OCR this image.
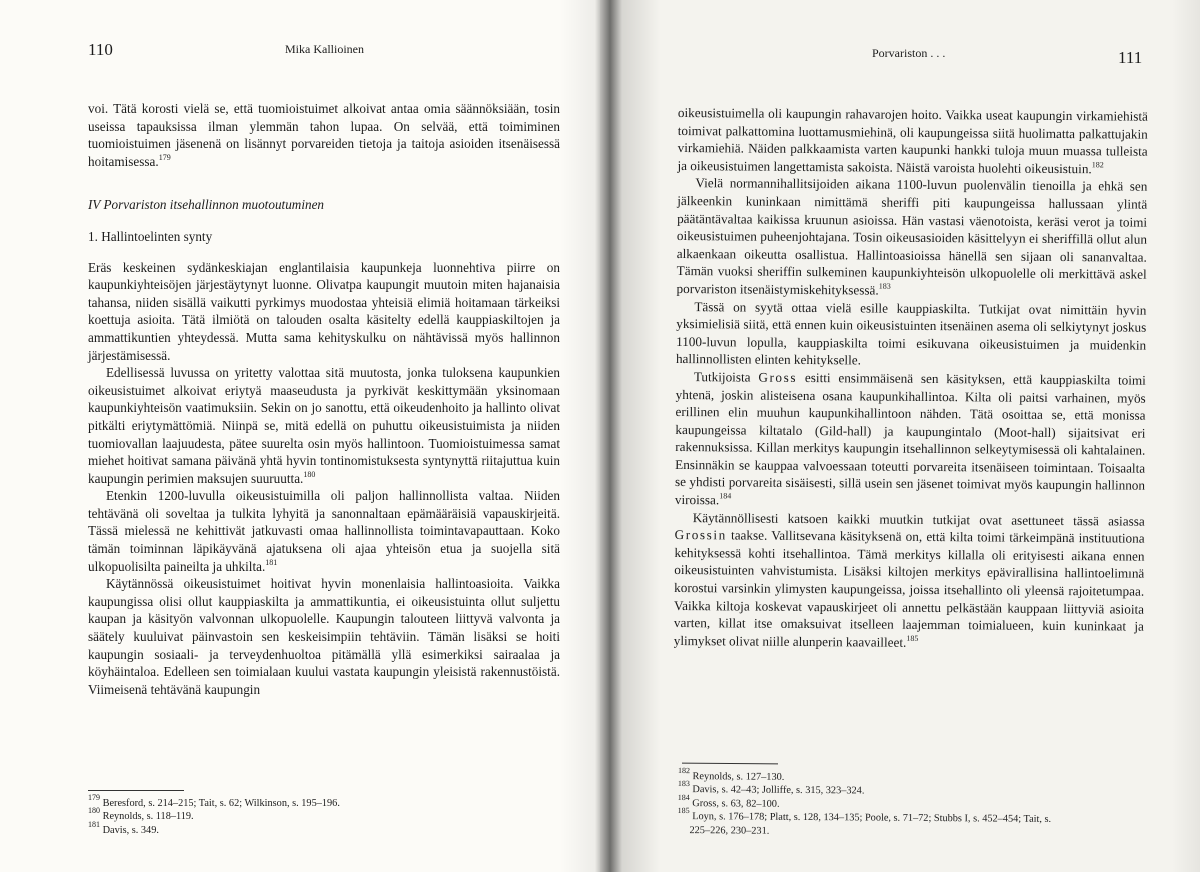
110	Mika Kallioinen

voi. Tätä korosti vielä se, että tuomioistuimet alkoivat antaa omia säännöksiään, tosin useissa tapauksissa ilman ylemmän tahon lupaa. On selvää, että toimiminen tuomioistuimen jäsenenä on lisännyt porvareiden tietoja ja taitoja asioiden itsenäisessä hoitamisessa.$^{179}$

IV Porvariston itsehallinnon muotoutuminen

1. Hallintoelinten synty

Eräs keskeinen sydänkeskiajan englantilaisia kaupunkeja luonnehtiva piirre on kaupunkiyhteisöjen järjestäytynyt luonne. Olivatpa kaupungit muutoin miten hajanaisia tahansa, niiden sisällä vaikutti pyrkimys muodostaa yhteisiä elimiä hoitamaan tärkeiksi koettuja asioita. Tätä ilmiötä on talouden osalta käsitelty edellä kauppiaskiltojen ja ammattikuntien yhteydessä. Mutta sama kehityskulku on nähtävissä myös hallinnon järjestämisessä.

Edellisessä luvussa on yritetty valottaa sitä muutosta, jonka tuloksena kaupunkien oikeusistuimet alkoivat eriytyä maaseudusta ja pyrkivät keskittymään yksinomaan kaupunkiyhteisön vaatimuksiin. Sekin on jo sanottu, että oikeudenhoito ja hallinto olivat pitkälti eriytymättömiä. Niinpä se, mitä edellä on puhuttu oikeusistuimista ja niiden tuomiovallan laajuudesta, pätee suurelta osin myös hallintoon. Tuomioistuimessa samat miehet hoitivat samana päivänä yhtä hyvin tontinomistuksesta syntynyttä riitajuttua kuin kaupungin perimien maksujen suuruutta.$^{180}$

Etenkin 1200-luvulla oikeusistuimilla oli paljon hallinnollista valtaa. Niiden tehtävänä oli soveltaa ja tulkita lyhyitä ja sanonnaltaan epämääräisiä vapauskirjeitä. Tässä mielessä ne kehittivät jatkuvasti omaa hallinnollista toimintavapauttaan. Koko tämän toiminnan läpikäyvänä ajatuksena oli ajaa yhteisön etua ja suojella sitä ulkopuolisilta paineilta ja uhkilta.$^{181}$

Käytännössä oikeusistuimet hoitivat hyvin monenlaisia hallintoasioita. Vaikka kaupungissa olisi ollut kauppiaskilta ja ammattikuntia, ei oikeusistuinta ollut suljettu kaupan ja käsityön valvonnan ulkopuolelle. Kaupungin talouteen liittyvä valvonta ja säätely kuuluivat päinvastoin sen keskeisimpiin tehtäviin. Tämän lisäksi se hoiti kaupungin sosiaali- ja terveydenhuoltoa pitämällä yllä esimerkiksi sairaalaa ja köyhäintaloa. Edelleen sen toimialaan kuului vastata kaupungin yleisistä rakennustöistä. Viimeisenä tehtävänä kaupungin

$^{179}$ Beresford, s. 214–215; Tait, s. 62; Wilkinson, s. 195–196.

$^{180}$ Reynolds, s. 118–119.

$^{181}$ Davis, s. 349.

Porvariston . . .	111

oikeusistuimella oli kaupungin rahavarojen hoito. Vaikka useat kaupungin virkamiehistä toimivat palkattomina luottamusmiehinä, oli kaupungeissa siitä huolimatta palkattujakin virkamiehiä. Näiden palkkaamista varten kaupunki hankki tuloja muun muassa tulleista ja oikeusistuimen langettamista sakoista. Näistä varoista huolehti oikeusistuin.$^{182}$

Vielä normannihallitsijoiden aikana 1100-luvun puolenvälin tienoilla ja ehkä sen jälkeenkin kuninkaan nimittämä sheriffi piti kaupungeissa hallussaan ylintä päätäntävaltaa kaikissa kruunun asioissa. Hän vastasi väenotoista, keräsi verot ja toimi oikeusistuimen puheenjohtajana. Tosin oikeusasioiden käsittelyyn ei sheriffillä ollut alun alkaenkaan oikeutta osallistua. Hallintoasioissa hänellä sen sijaan oli sananvaltaa. Tämän vuoksi sheriffin sulkeminen kaupunkiyhteisön ulkopuolelle oli merkittävä askel porvariston itsenäistymiskehityksessä.$^{183}$

Tässä on syytä ottaa vielä esille kauppiaskilta. Tutkijat ovat nimittäin hyvin yksimielisiä siitä, että ennen kuin oikeusistuinten itsenäinen asema oli selkiytynyt joskus 1100-luvun lopulla, kauppiaskilta toimi esikuvana oikeusistuimen ja muidenkin hallinnollisten elinten kehitykselle.

Tutkijoista Gross esitti ensimmäisenä sen käsityksen, että kauppiaskilta toimi yhtenä, joskin alisteisena osana kaupunkihallintoa. Kilta oli paitsi varhainen, myös erillinen elin muuhun kaupunkihallintoon nähden. Tätä osoittaa se, että monissa kaupungeissa kiltatalo (Gild-hall) ja kaupungintalo (Moot-hall) sijaitsivat eri rakennuksissa. Killan merkitys kaupungin itsehallinnon selkeytymisessä oli kahtalainen. Ensinnäkin se kauppaa valvoessaan toteutti porvareita itsenäiseen toimintaan. Toisaalta se yhdisti porvareita sisäisesti, sillä usein sen jäsenet toimivat myös kaupungin hallinnon viroissa.$^{184}$

Käytännöllisesti katsoen kaikki muutkin tutkijat ovat asettuneet tässä asiassa Grossin taakse. Vallitsevana käsityksenä on, että kilta toimi tärkeimpänä instituutiona kehityksessä kohti itsehallintoa. Tämä merkitys killalla oli erityisesti aikana ennen oikeusistuinten vahvistumista. Lisäksi kiltojen merkitys epävirallisina hallintoelimınä korostui varsinkin ylimysten kaupungeissa, joissa itsehallinto oli yleensä rajoitetumpaa. Vaikka kiltoja koskevat vapauskirjeet oli annettu pelkästään kauppaan liittyviä asioita varten, killat itse omaksuivat itselleen laajemman toimialueen, kuin kuninkaat ja ylimykset olivat niille alunperin kaavailleet.$^{185}$

$^{182}$ Reynolds, s. 127–130.

$^{183}$ Davis, s. 42–43; Jolliffe, s. 315, 323–324.

$^{184}$ Gross, s. 63, 82–100.

$^{185}$ Loyn, s. 176–178; Platt, s. 128, 134–135; Poole, s. 71–72; Stubbs I, s. 452–454; Tait, s.
225–226, 230–231.
